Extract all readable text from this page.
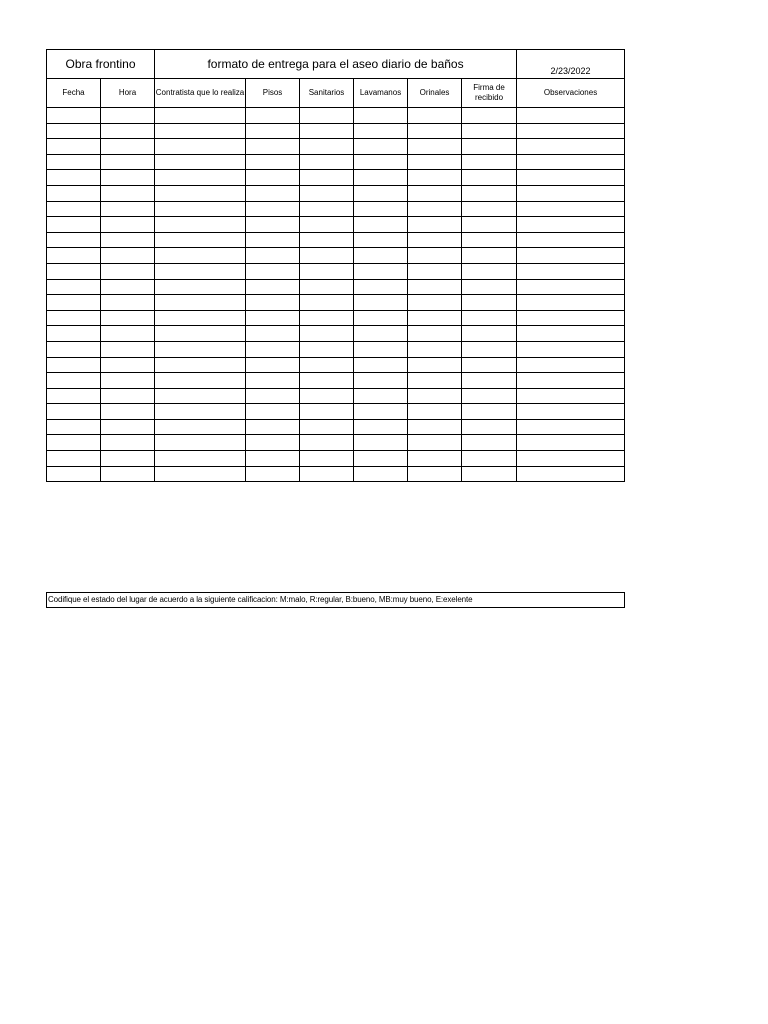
Obra frontino		formato de entrega para el aseo diario de baños						2/23/2022
Fecha	Hora	Contratista que lo realiza	Pisos	Sanitarios	Lavamanos	Orinales	Firma de recibido	Observaciones

Codifique el estado del lugar de acuerdo a la siguiente calificacion: M:malo, R:regular, B:bueno, MB:muy bueno, E:exelente
